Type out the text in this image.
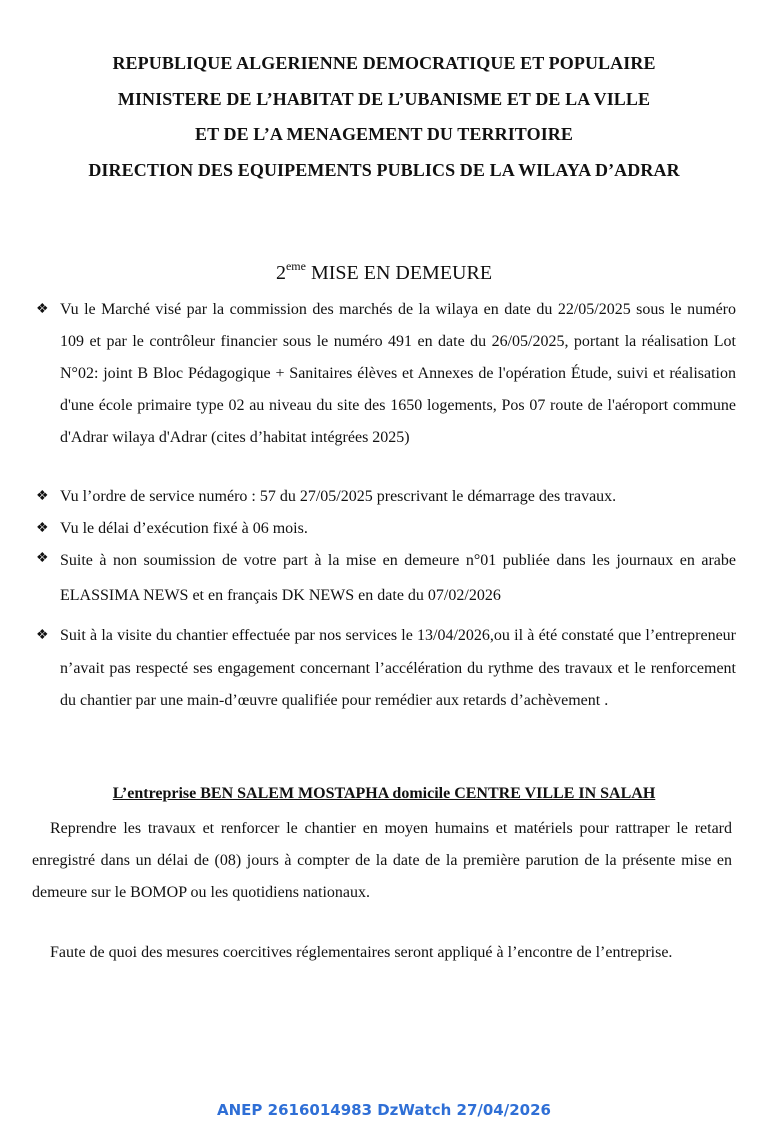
REPUBLIQUE ALGERIENNE DEMOCRATIQUE ET POPULAIRE
MINISTERE DE L’HABITAT DE L’UBANISME ET DE LA VILLE
ET DE L’A MENAGEMENT DU TERRITOIRE
DIRECTION DES EQUIPEMENTS PUBLICS DE LA WILAYA D’ADRAR
2eme MISE EN DEMEURE
❖ Vu le Marché visé par la commission des marchés de la wilaya en date du 22/05/2025 sous le numéro 109 et par le contrôleur financier sous le numéro 491 en date du 26/05/2025, portant la réalisation Lot N°02: joint B Bloc Pédagogique + Sanitaires élèves et Annexes de l'opération Étude, suivi et réalisation d'une école primaire type 02 au niveau du site des 1650 logements, Pos 07 route de l'aéroport commune d'Adrar wilaya d'Adrar (cites d’habitat intégrées 2025)
❖ Vu l’ordre de service numéro : 57 du 27/05/2025 prescrivant le démarrage des travaux.
❖ Vu le délai d’exécution fixé à 06 mois.
❖ Suite à non soumission de votre part à la mise en demeure n°01 publiée dans les journaux en arabe ELASSIMA NEWS et en français DK NEWS en date du 07/02/2026
❖ Suit à la visite du chantier effectuée par nos services le 13/04/2026,ou il à été constaté que l’entrepreneur n’avait pas respecté ses engagement concernant l’accélération du rythme des travaux et le renforcement du chantier par une main-d’œuvre qualifiée pour remédier aux retards d’achèvement .
L’entreprise BEN SALEM MOSTAPHA domicile CENTRE VILLE IN SALAH
Reprendre les travaux et renforcer le chantier en moyen humains et matériels pour rattraper le retard enregistré dans un délai de (08) jours à compter de la date de la première parution de la présente mise en demeure sur le BOMOP ou les quotidiens nationaux.
Faute de quoi des mesures coercitives réglementaires seront appliqué à l’encontre de l’entreprise.
ANEP 2616014983 DzWatch 27/04/2026
